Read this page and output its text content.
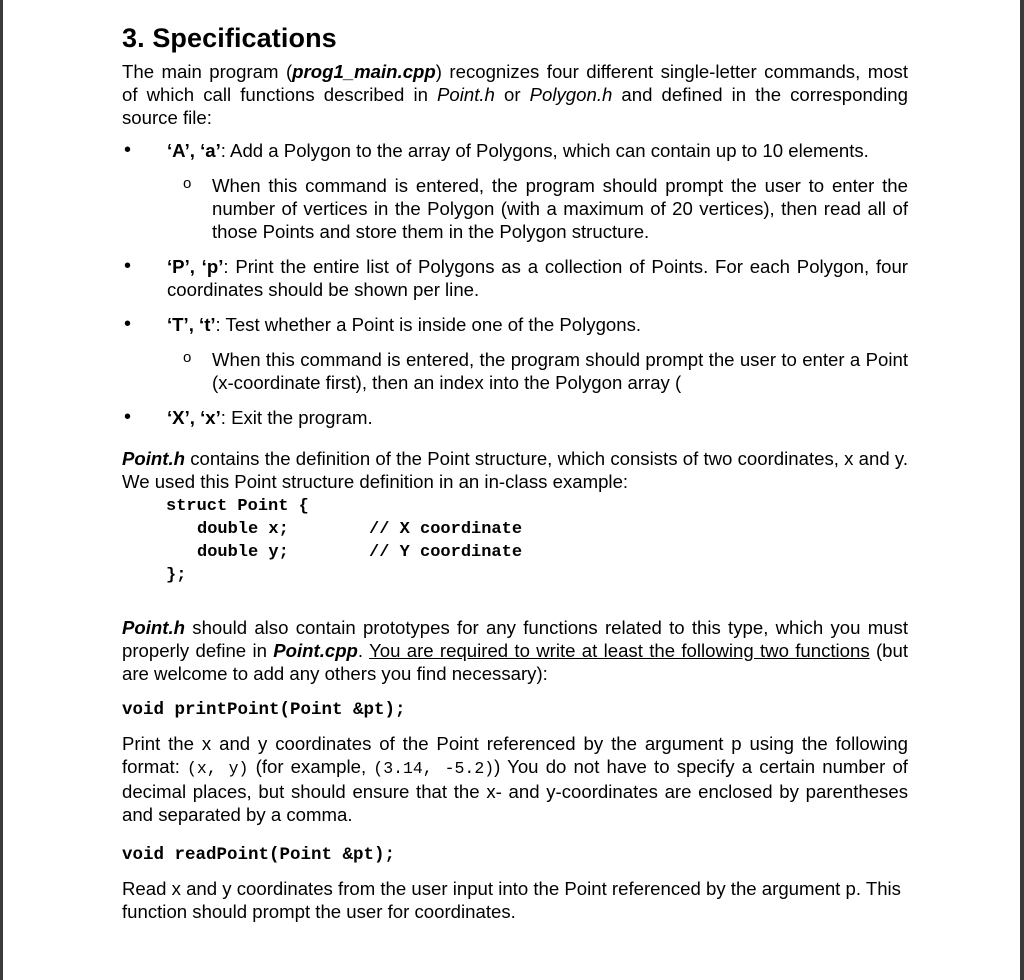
3. Specifications

The main program (prog1_main.cpp) recognizes four different single-letter commands, most of which call functions described in Point.h or Polygon.h and defined in the corresponding source file:

• ‘A’, ‘a’: Add a Polygon to the array of Polygons, which can contain up to 10 elements.
o When this command is entered, the program should prompt the user to enter the number of vertices in the Polygon (with a maximum of 20 vertices), then read all of those Points and store them in the Polygon structure.
• ‘P’, ‘p’: Print the entire list of Polygons as a collection of Points. For each Polygon, four coordinates should be shown per line.
• ‘T’, ‘t’: Test whether a Point is inside one of the Polygons.
o When this command is entered, the program should prompt the user to enter a Point (x-coordinate first), then an index into the Polygon array (
• ‘X’, ‘x’: Exit the program.

Point.h contains the definition of the Point structure, which consists of two coordinates, x and y. We used this Point structure definition in an in-class example:

struct Point {
double x;	// X coordinate
double y;	// Y coordinate
};

Point.h should also contain prototypes for any functions related to this type, which you must properly define in Point.cpp. You are required to write at least the following two functions (but are welcome to add any others you find necessary):

void printPoint(Point &pt);

Print the x and y coordinates of the Point referenced by the argument p using the following format: (x, y) (for example, (3.14, -5.2)) You do not have to specify a certain number of decimal places, but should ensure that the x- and y-coordinates are enclosed by parentheses and separated by a comma.

void readPoint(Point &pt);

Read x and y coordinates from the user input into the Point referenced by the argument p. This function should prompt the user for coordinates.
